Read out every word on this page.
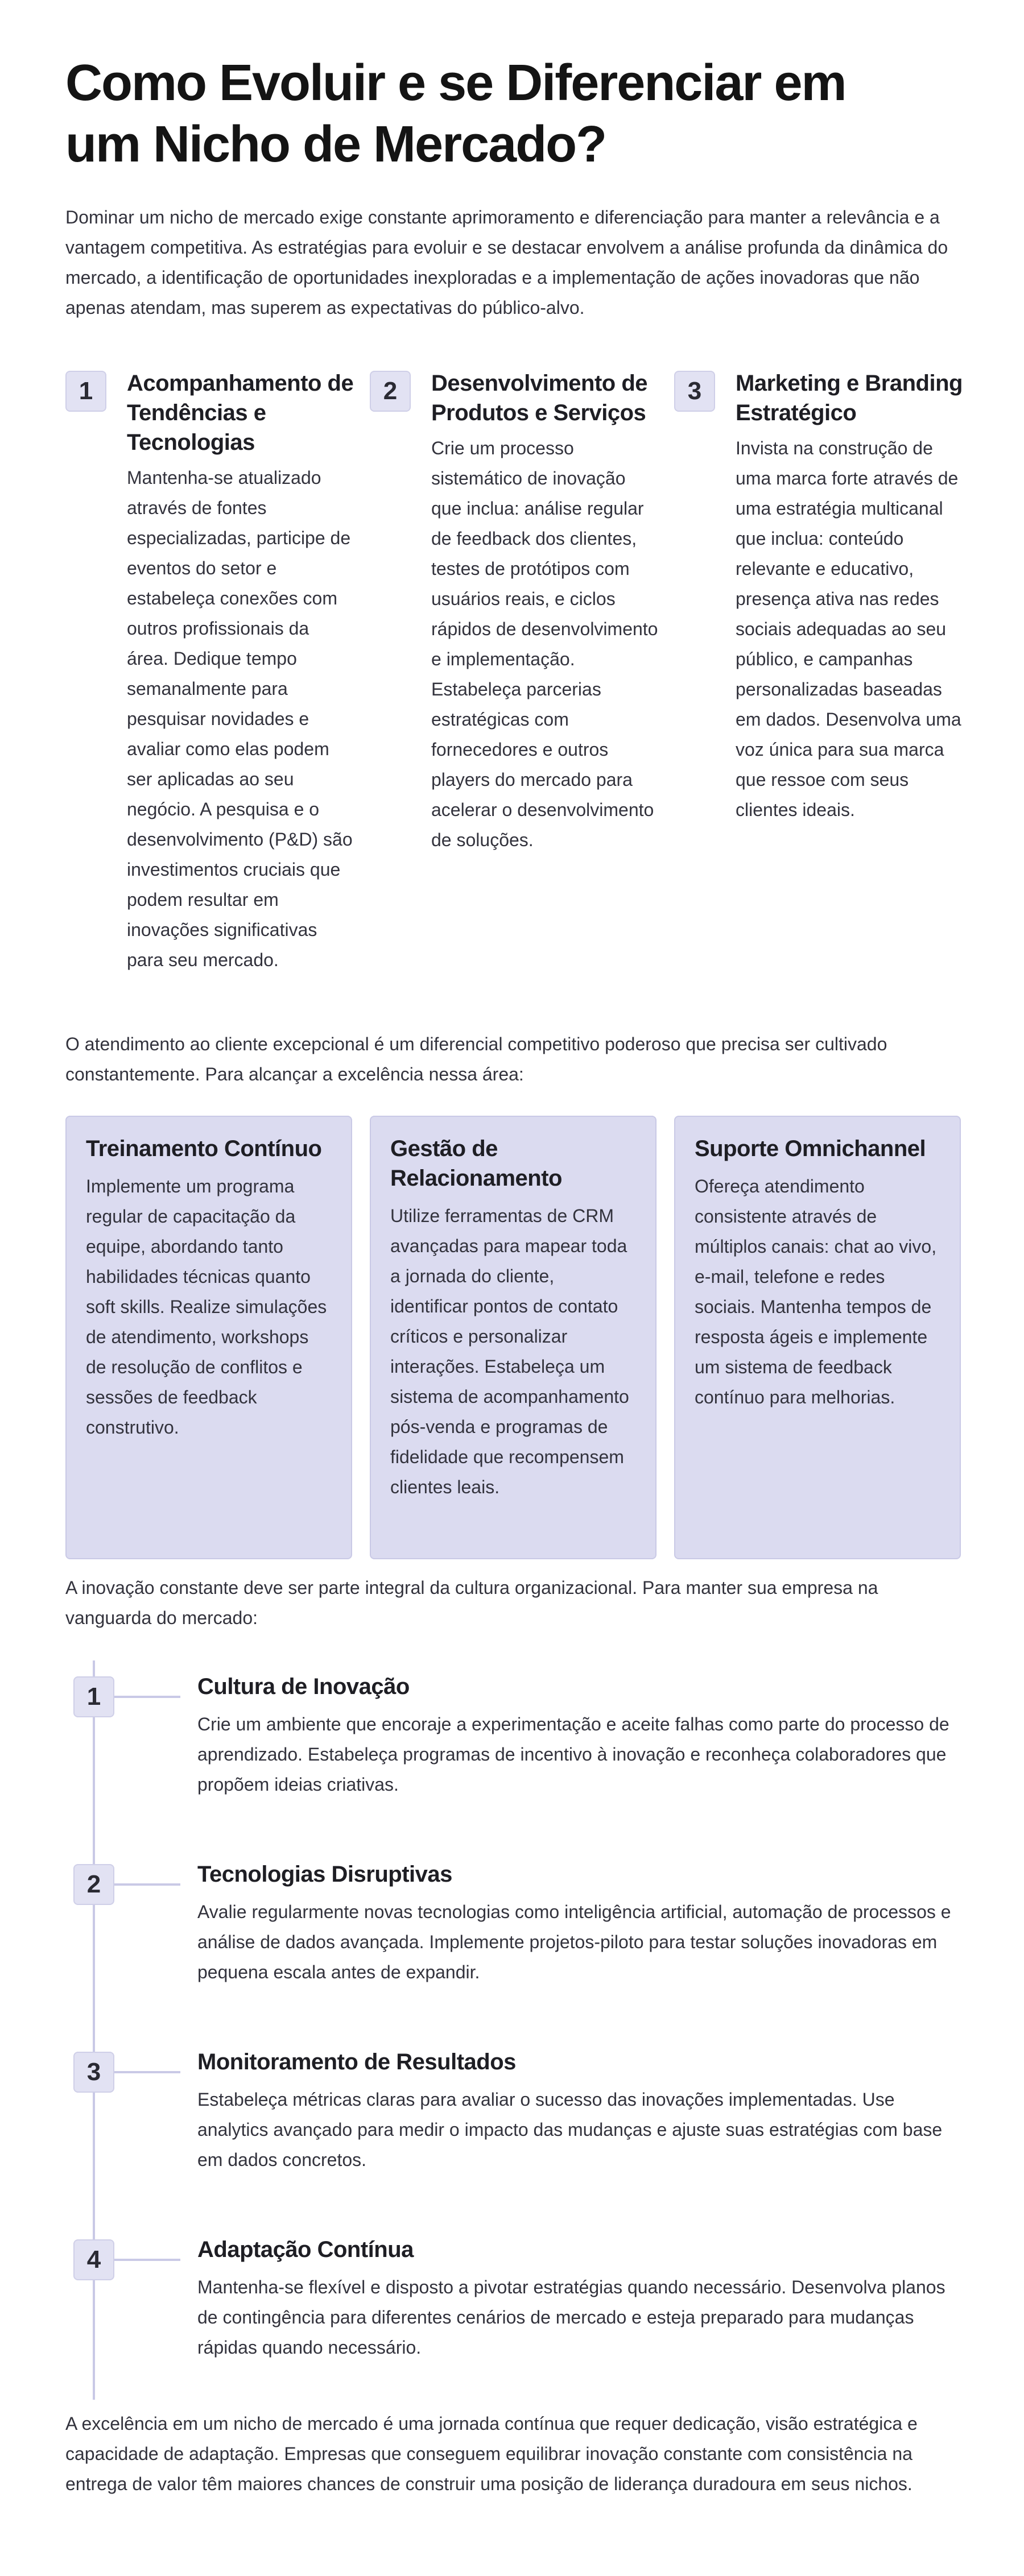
Como Evoluir e se Diferenciar em um Nicho de Mercado?

Dominar um nicho de mercado exige constante aprimoramento e diferenciação para manter a relevância e a vantagem competitiva. As estratégias para evoluir e se destacar envolvem a análise profunda da dinâmica do mercado, a identificação de oportunidades inexploradas e a implementação de ações inovadoras que não apenas atendam, mas superem as expectativas do público-alvo.

1	Acompanhamento de Tendências e Tecnologias

Mantenha-se atualizado através de fontes especializadas, participe de eventos do setor e estabeleça conexões com outros profissionais da área. Dedique tempo semanalmente para pesquisar novidades e avaliar como elas podem ser aplicadas ao seu negócio. A pesquisa e o desenvolvimento (P&D) são investimentos cruciais que podem resultar em inovações significativas para seu mercado.

2	Desenvolvimento de Produtos e Serviços

Crie um processo sistemático de inovação que inclua: análise regular de feedback dos clientes, testes de protótipos com usuários reais, e ciclos rápidos de desenvolvimento e implementação. Estabeleça parcerias estratégicas com fornecedores e outros players do mercado para acelerar o desenvolvimento de soluções.

3	Marketing e Branding Estratégico

Invista na construção de uma marca forte através de uma estratégia multicanal que inclua: conteúdo relevante e educativo, presença ativa nas redes sociais adequadas ao seu público, e campanhas personalizadas baseadas em dados. Desenvolva uma voz única para sua marca que ressoe com seus clientes ideais.

O atendimento ao cliente excepcional é um diferencial competitivo poderoso que precisa ser cultivado constantemente. Para alcançar a excelência nessa área:

Treinamento Contínuo

Implemente um programa regular de capacitação da equipe, abordando tanto habilidades técnicas quanto soft skills. Realize simulações de atendimento, workshops de resolução de conflitos e sessões de feedback construtivo.

Gestão de Relacionamento

Utilize ferramentas de CRM avançadas para mapear toda a jornada do cliente, identificar pontos de contato críticos e personalizar interações. Estabeleça um sistema de acompanhamento pós-venda e programas de fidelidade que recompensem clientes leais.

Suporte Omnichannel

Ofereça atendimento consistente através de múltiplos canais: chat ao vivo, e-mail, telefone e redes sociais. Mantenha tempos de resposta ágeis e implemente um sistema de feedback contínuo para melhorias.

A inovação constante deve ser parte integral da cultura organizacional. Para manter sua empresa na vanguarda do mercado:

1	Cultura de Inovação

Crie um ambiente que encoraje a experimentação e aceite falhas como parte do processo de aprendizado. Estabeleça programas de incentivo à inovação e reconheça colaboradores que propõem ideias criativas.

2	Tecnologias Disruptivas

Avalie regularmente novas tecnologias como inteligência artificial, automação de processos e análise de dados avançada. Implemente projetos-piloto para testar soluções inovadoras em pequena escala antes de expandir.

3	Monitoramento de Resultados

Estabeleça métricas claras para avaliar o sucesso das inovações implementadas. Use analytics avançado para medir o impacto das mudanças e ajuste suas estratégias com base em dados concretos.

4	Adaptação Contínua

Mantenha-se flexível e disposto a pivotar estratégias quando necessário. Desenvolva planos de contingência para diferentes cenários de mercado e esteja preparado para mudanças rápidas quando necessário.

A excelência em um nicho de mercado é uma jornada contínua que requer dedicação, visão estratégica e capacidade de adaptação. Empresas que conseguem equilibrar inovação constante com consistência na entrega de valor têm maiores chances de construir uma posição de liderança duradoura em seus nichos.
